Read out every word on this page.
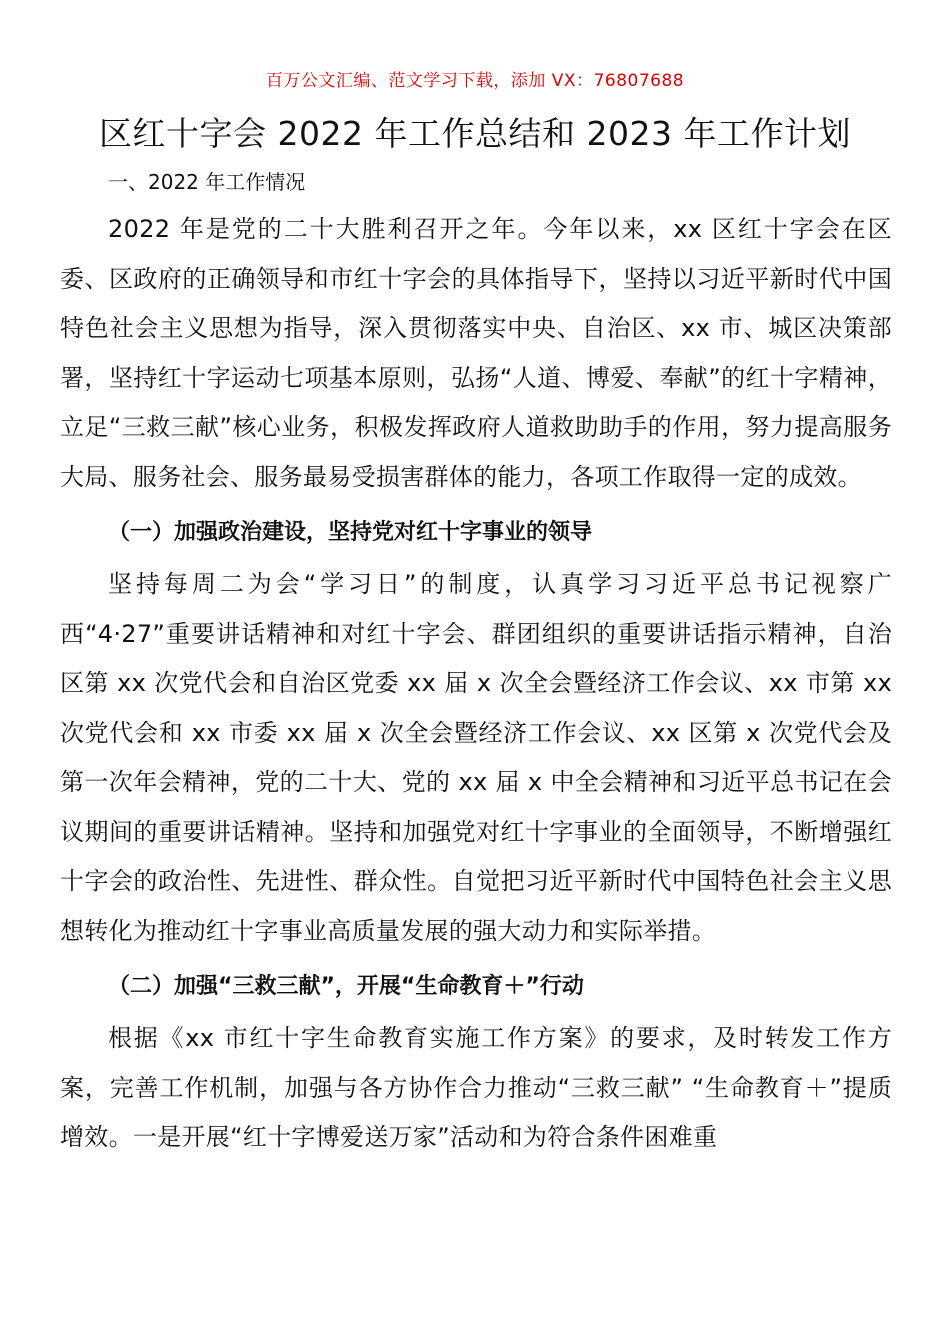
百万公文汇编、范文学习下载，添加 VX：76807688
区红十字会 2022 年工作总结和 2023 年工作计划
一、2022 年工作情况

2022 年是党的二十大胜利召开之年。今年以来，xx 区红十字会在区委、区政府的正确领导和市红十字会的具体指导下，坚持以习近平新时代中国特色社会主义思想为指导，深入贯彻落实中央、自治区、xx 市、城区决策部署，坚持红十字运动七项基本原则，弘扬“人道、博爱、奉献”的红十字精神，立足“三救三献”核心业务，积极发挥政府人道救助助手的作用，努力提高服务大局、服务社会、服务最易受损害群体的能力，各项工作取得一定的成效。

（一）加强政治建设，坚持党对红十字事业的领导

坚持每周二为会“学习日”的制度，认真学习习近平总书记视察广西“4·27”重要讲话精神和对红十字会、群团组织的重要讲话指示精神，自治区第 xx 次党代会和自治区党委 xx 届 x 次全会暨经济工作会议、xx 市第 xx 次党代会和 xx 市委 xx 届 x 次全会暨经济工作会议、xx 区第 x 次党代会及第一次年会精神，党的二十大、党的 xx 届 x 中全会精神和习近平总书记在会议期间的重要讲话精神。坚持和加强党对红十字事业的全面领导，不断增强红十字会的政治性、先进性、群众性。自觉把习近平新时代中国特色社会主义思想转化为推动红十字事业高质量发展的强大动力和实际举措。

（二）加强“三救三献”，开展“生命教育＋”行动

根据《xx 市红十字生命教育实施工作方案》的要求，及时转发工作方案，完善工作机制，加强与各方协作合力推动“三救三献” “生命教育＋”提质增效。一是开展“红十字博爱送万家”活动和为符合条件困难重
